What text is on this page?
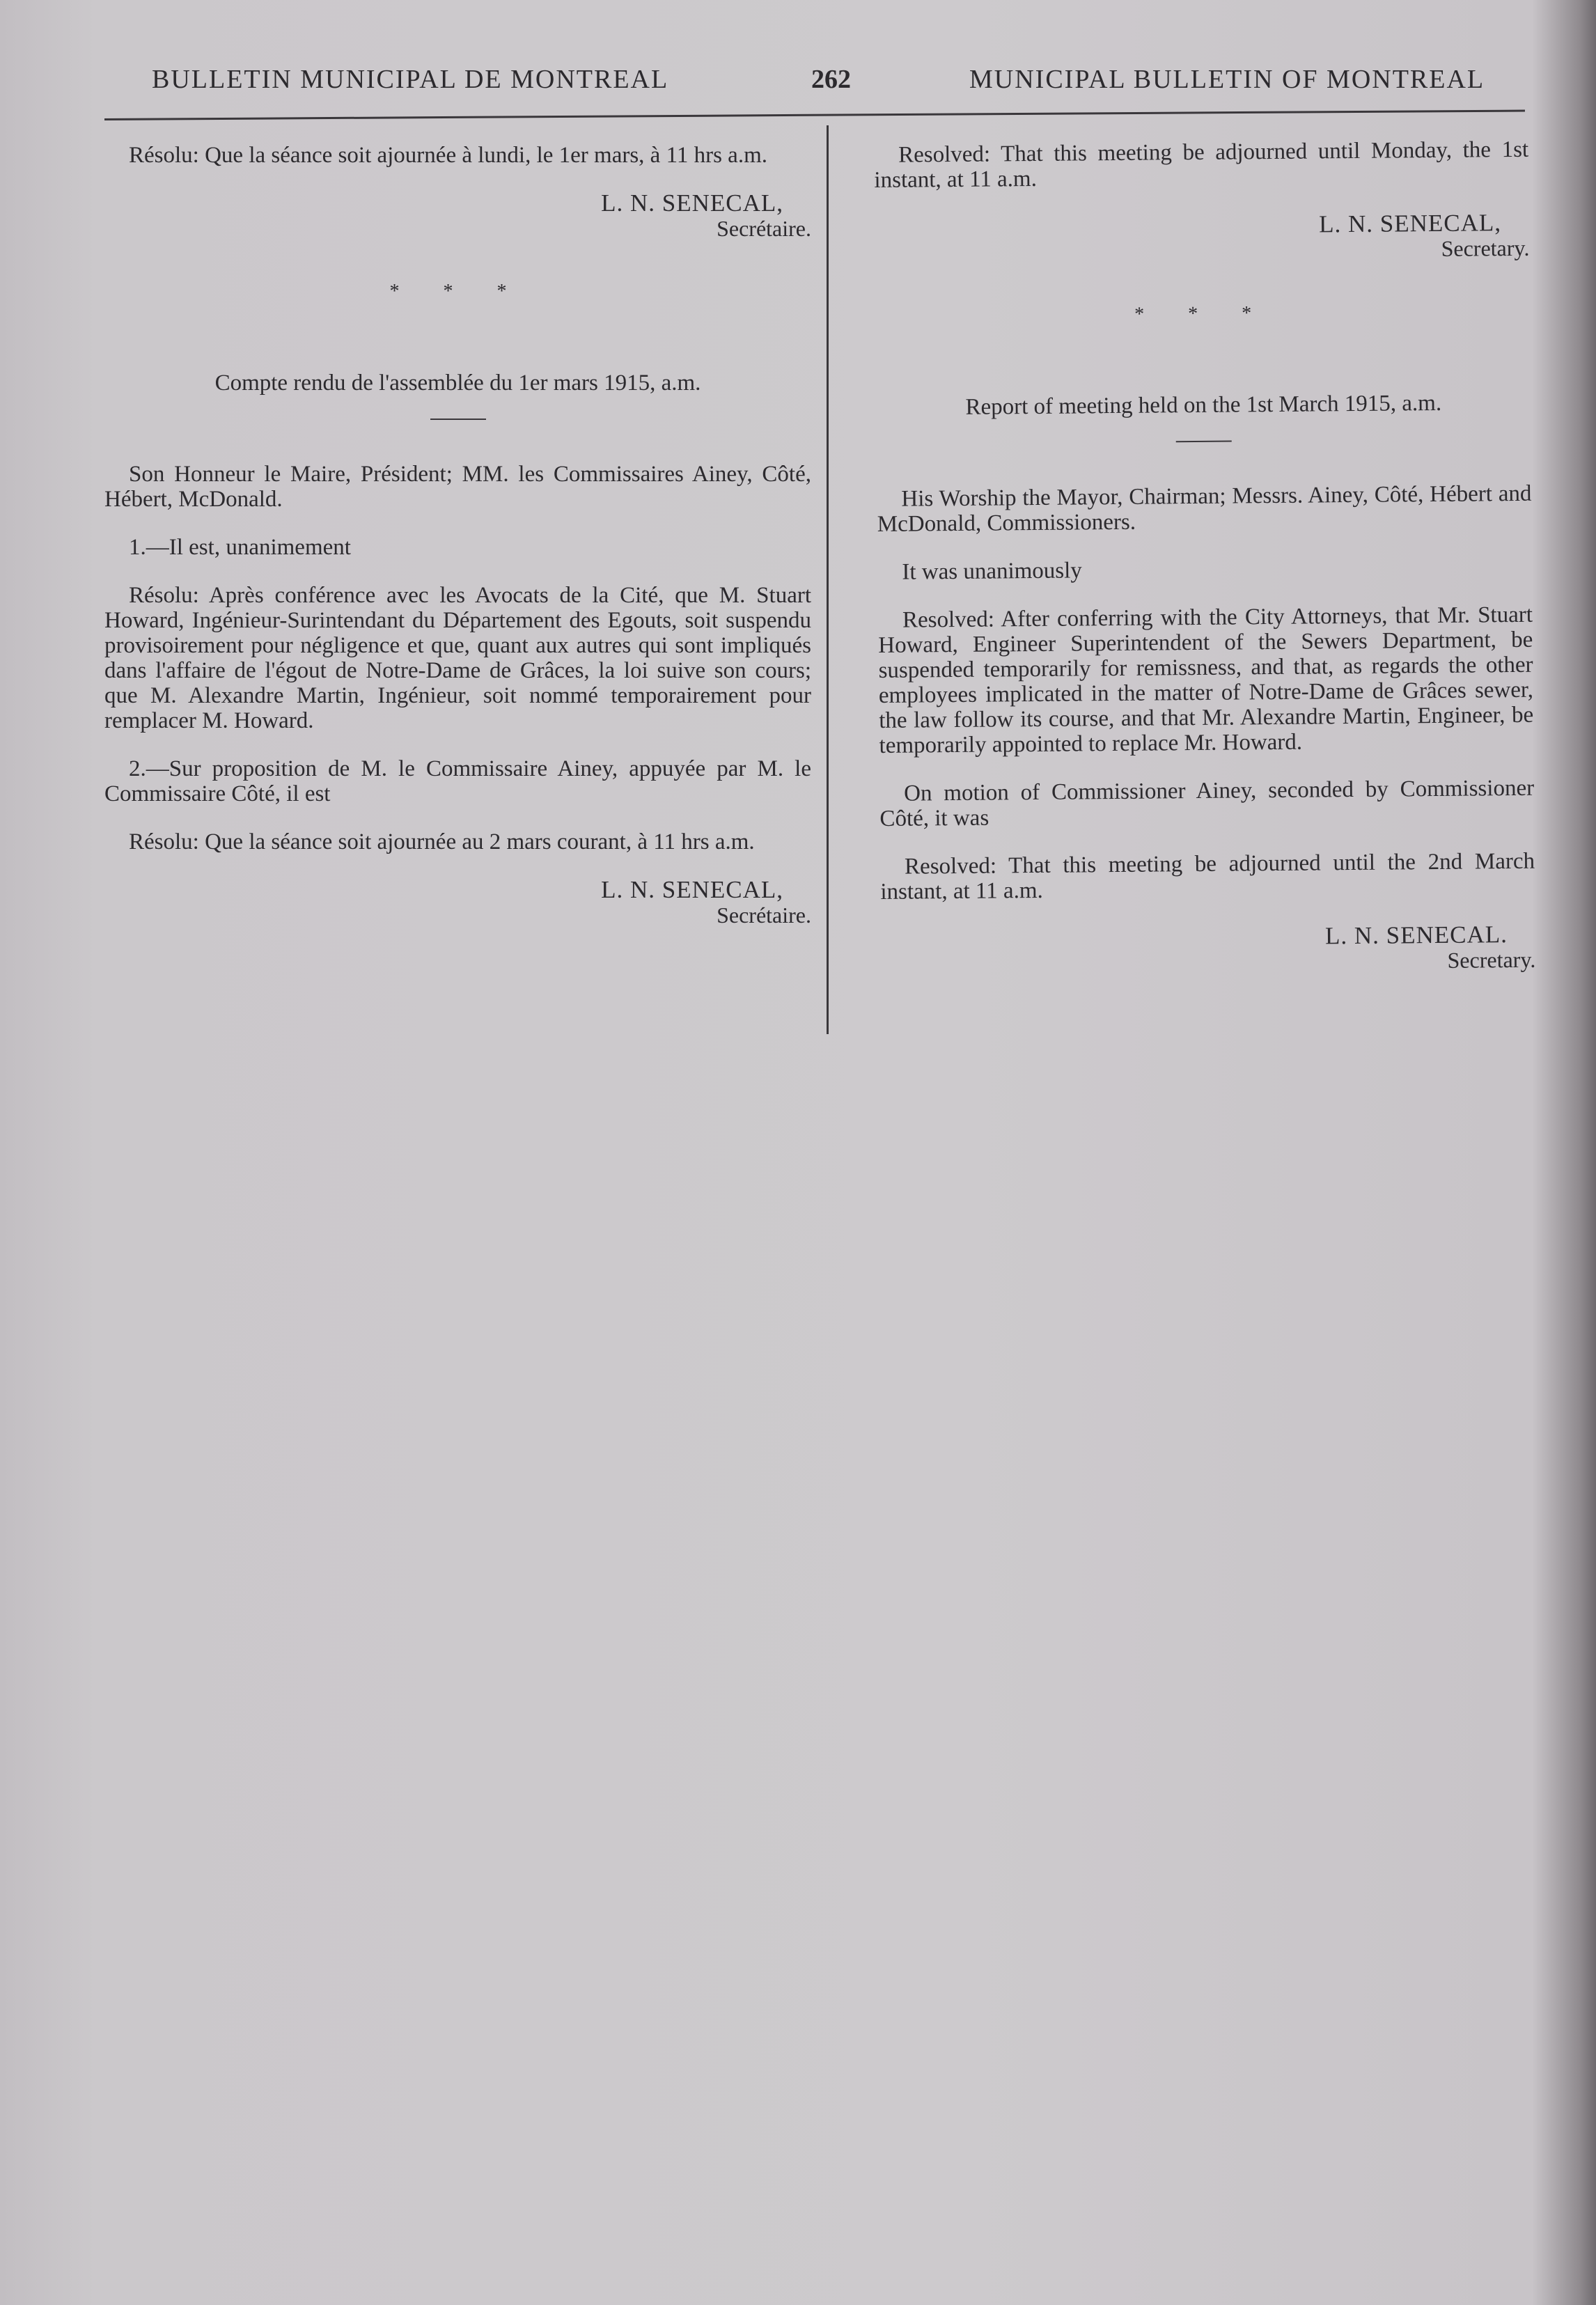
BULLETIN MUNICIPAL DE MONTREAL	262	MUNICIPAL BULLETIN OF MONTREAL

Résolu: Que la séance soit ajournée à lundi, le 1er mars, à 11 hrs a.m.

L. N. SENECAL,
Secrétaire.
* * *

Compte rendu de l'assemblée du 1er mars 1915, a.m.

Son Honneur le Maire, Président; MM. les Commissaires Ainey, Côté, Hébert, McDonald.

1.—Il est, unanimement

Résolu: Après conférence avec les Avocats de la Cité, que M. Stuart Howard, Ingénieur-Surintendant du Département des Egouts, soit suspendu provisoirement pour négligence et que, quant aux autres qui sont impliqués dans l'affaire de l'égout de Notre-Dame de Grâces, la loi suive son cours; que M. Alexandre Martin, Ingénieur, soit nommé temporairement pour remplacer M. Howard.

2.—Sur proposition de M. le Commissaire Ainey, appuyée par M. le Commissaire Côté, il est

Résolu: Que la séance soit ajournée au 2 mars courant, à 11 hrs a.m.

L. N. SENECAL,
Secrétaire.

Resolved: That this meeting be adjourned until Monday, the 1st instant, at 11 a.m.

L. N. SENECAL,
Secretary.
* * *

Report of meeting held on the 1st March 1915, a.m.

His Worship the Mayor, Chairman; Messrs. Ainey, Côté, Hébert and McDonald, Commissioners.

It was unanimously

Resolved: After conferring with the City Attorneys, that Mr. Stuart Howard, Engineer Superintendent of the Sewers Department, be suspended temporarily for remissness, and that, as regards the other employees implicated in the matter of Notre-Dame de Grâces sewer, the law follow its course, and that Mr. Alexandre Martin, Engineer, be temporarily appointed to replace Mr. Howard.

On motion of Commissioner Ainey, seconded by Commissioner Côté, it was

Resolved: That this meeting be adjourned until the 2nd March instant, at 11 a.m.

L. N. SENECAL.
Secretary.
